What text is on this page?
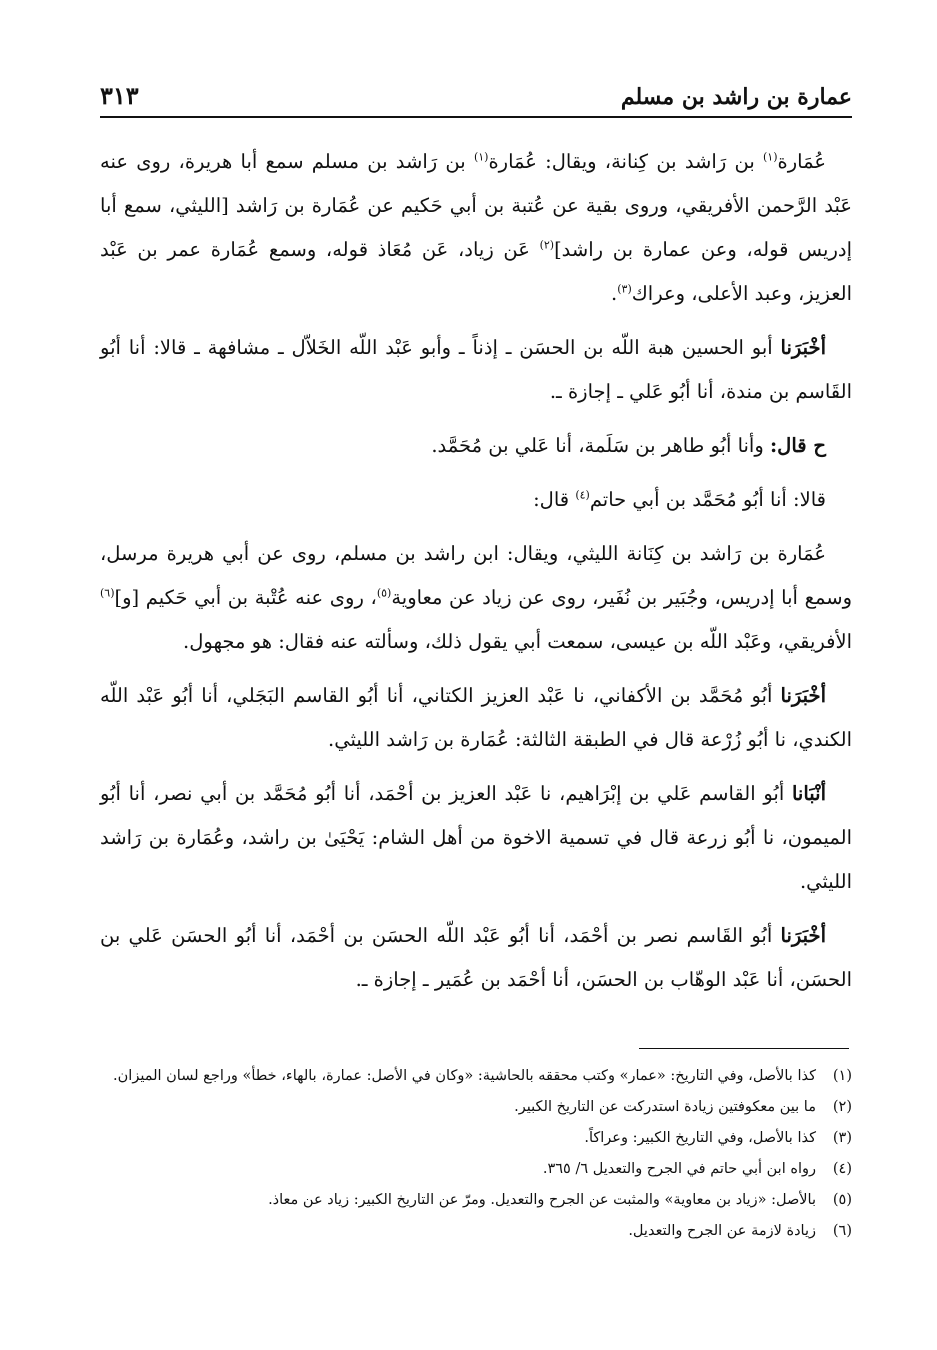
عمارة بن راشد بن مسلم
٣١٣

عُمَارة$^{(١)}$ بن رَاشد بن كِنانة، ويقال: عُمَارة$^{(١)}$ بن رَاشد بن مسلم سمع أبا هريرة، روى عنه عَبْد الرَّحمن الأفريقي، وروى بقية عن عُتبة بن أبي حَكيم عن عُمَارة بن رَاشد [الليثي، سمع أبا إدريس قوله، وعن عمارة بن راشد]$^{(٢)}$ عَن زياد، عَن مُعَاذ قوله، وسمع عُمَارة عمر بن عَبْد العزيز، وعبد الأعلى، وعراك$^{(٣)}$.

أخْبَرَنا أبو الحسين هبة اللّه بن الحسَن ـ إذناً ـ وأبو عَبْد اللّه الخَلاّل ـ مشافهة ـ قالا: أنا أبُو القَاسم بن مندة، أنا أبُو عَلي ـ إجازة ـ.

ح قال: وأنا أبُو طاهر بن سَلَمة، أنا عَلي بن مُحَمَّد.

قالا: أنا أبُو مُحَمَّد بن أبي حاتم$^{(٤)}$ قال:

عُمَارة بن رَاشد بن كِنَانة الليثي، ويقال: ابن راشد بن مسلم، روى عن أبي هريرة مرسل، وسمع أبا إدريس، وجُبَير بن نُفَير، روى عن زياد عن معاوية$^{(٥)}$، روى عنه عُتْبة بن أبي حَكيم [و]$^{(٦)}$ الأفريقي، وعَبْد اللّه بن عيسى، سمعت أبي يقول ذلك، وسألته عنه فقال: هو مجهول.

أخْبَرَنا أبُو مُحَمَّد بن الأكفاني، نا عَبْد العزيز الكتاني، أنا أبُو القاسم البَجَلي، أنا أبُو عَبْد اللّه الكندي، نا أبُو زُرْعة قال في الطبقة الثالثة: عُمَارة بن رَاشد الليثي.

أنْبَانا أبُو القاسم عَلي بن إبْرَاهيم، نا عَبْد العزيز بن أحْمَد، أنا أبُو مُحَمَّد بن أبي نصر، أنا أبُو الميمون، نا أبُو زرعة قال في تسمية الاخوة من أهل الشام: يَحْيَىٰ بن راشد، وعُمَارة بن رَاشد الليثي.

أخْبَرَنا أبُو القَاسم نصر بن أحْمَد، أنا أبُو عَبْد اللّه الحسَن بن أحْمَد، أنا أبُو الحسَن عَلي بن الحسَن، أنا عَبْد الوهّاب بن الحسَن، أنا أحْمَد بن عُمَير ـ إجازة ـ.

(١)
كذا بالأصل، وفي التاريخ: «عمار» وكتب محققه بالحاشية: «وكان في الأصل: عمارة، بالهاء، خطأ» وراجع لسان الميزان.
(٢)
ما بين معكوفتين زيادة استدركت عن التاريخ الكبير.
(٣)
كذا بالأصل، وفي التاريخ الكبير: وعراكاً.
(٤)
رواه ابن أبي حاتم في الجرح والتعديل ٦/ ٣٦٥.
(٥)
بالأصل: «زياد بن معاوية» والمثبت عن الجرح والتعديل. ومرّ عن التاريخ الكبير: زياد عن معاذ.
(٦)
زيادة لازمة عن الجرح والتعديل.
